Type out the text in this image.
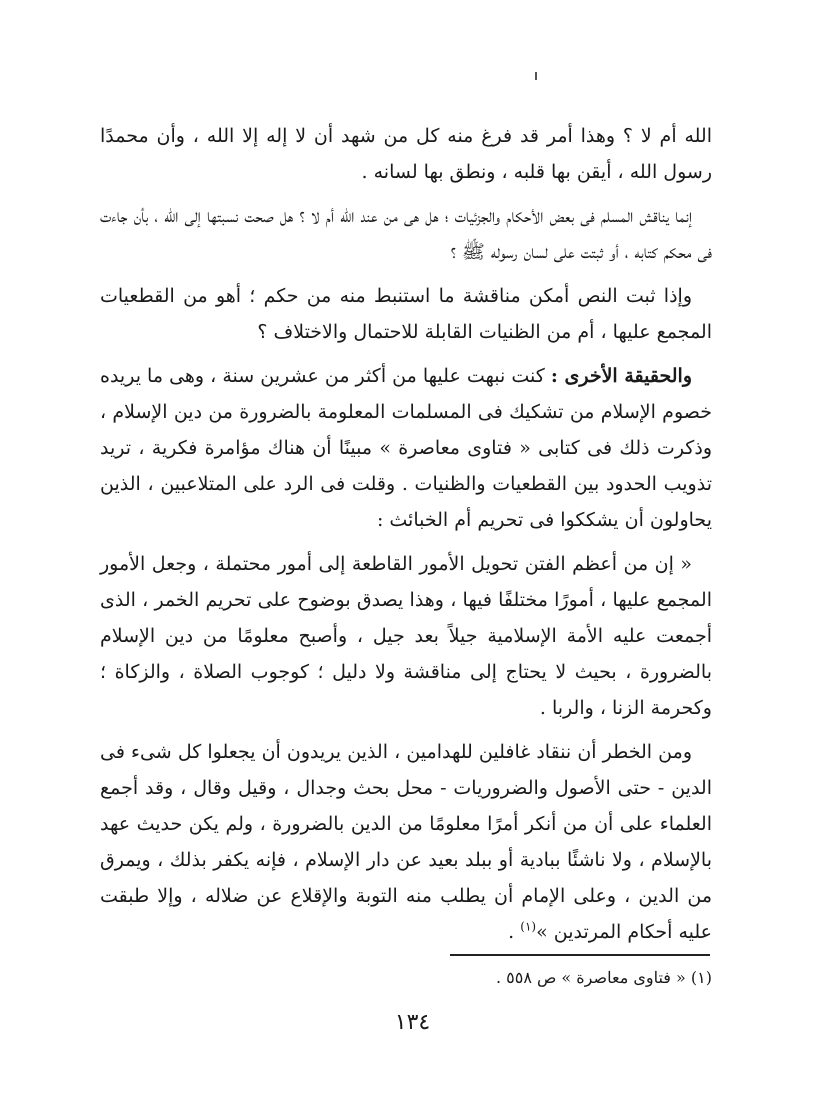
الله أم لا ؟ وهذا أمر قد فرغ منه كل من شهد أن لا إله إلا الله ، وأن محمدًا رسول الله ، أيقن بها قلبه ، ونطق بها لسانه .

إنما يناقش المسلم فى بعض الأحكام والجزئيات ؛ هل هى من عند الله أم لا ؟ هل صحت نسبتها إلى الله ، بأن جاءت فى محكم كتابه ، أو ثبتت على لسان رسوله ﷺ ؟

وإذا ثبت النص أمكن مناقشة ما استنبط منه من حكم ؛ أهو من القطعيات المجمع عليها ، أم من الظنيات القابلة للاحتمال والاختلاف ؟

والحقيقة الأخرى : كنت نبهت عليها من أكثر من عشرين سنة ، وهى ما يريده خصوم الإسلام من تشكيك فى المسلمات المعلومة بالضرورة من دين الإسلام ، وذكرت ذلك فى كتابى « فتاوى معاصرة » مبينًا أن هناك مؤامرة فكرية ، تريد تذويب الحدود بين القطعيات والظنيات . وقلت فى الرد على المتلاعبين ، الذين يحاولون أن يشككوا فى تحريم أم الخبائث :

« إن من أعظم الفتن تحويل الأمور القاطعة إلى أمور محتملة ، وجعل الأمور المجمع عليها ، أمورًا مختلفًا فيها ، وهذا يصدق بوضوح على تحريم الخمر ، الذى أجمعت عليه الأمة الإسلامية جيلاً بعد جيل ، وأصبح معلومًا من دين الإسلام بالضرورة ، بحيث لا يحتاج إلى مناقشة ولا دليل ؛ كوجوب الصلاة ، والزكاة ؛ وكحرمة الزنا ، والربا .

ومن الخطر أن ننقاد غافلين للهدامين ، الذين يريدون أن يجعلوا كل شىء فى الدين - حتى الأصول والضروريات - محل بحث وجدال ، وقيل وقال ، وقد أجمع العلماء على أن من أنكر أمرًا معلومًا من الدين بالضرورة ، ولم يكن حديث عهد بالإسلام ، ولا ناشئًا ببادية أو ببلد بعيد عن دار الإسلام ، فإنه يكفر بذلك ، ويمرق من الدين ، وعلى الإمام أن يطلب منه التوبة والإقلاع عن ضلاله ، وإلا طبقت عليه أحكام المرتدين »$^{(١)}$ .

(١) « فتاوى معاصرة » ص ٥٥٨ .
١٣٤
